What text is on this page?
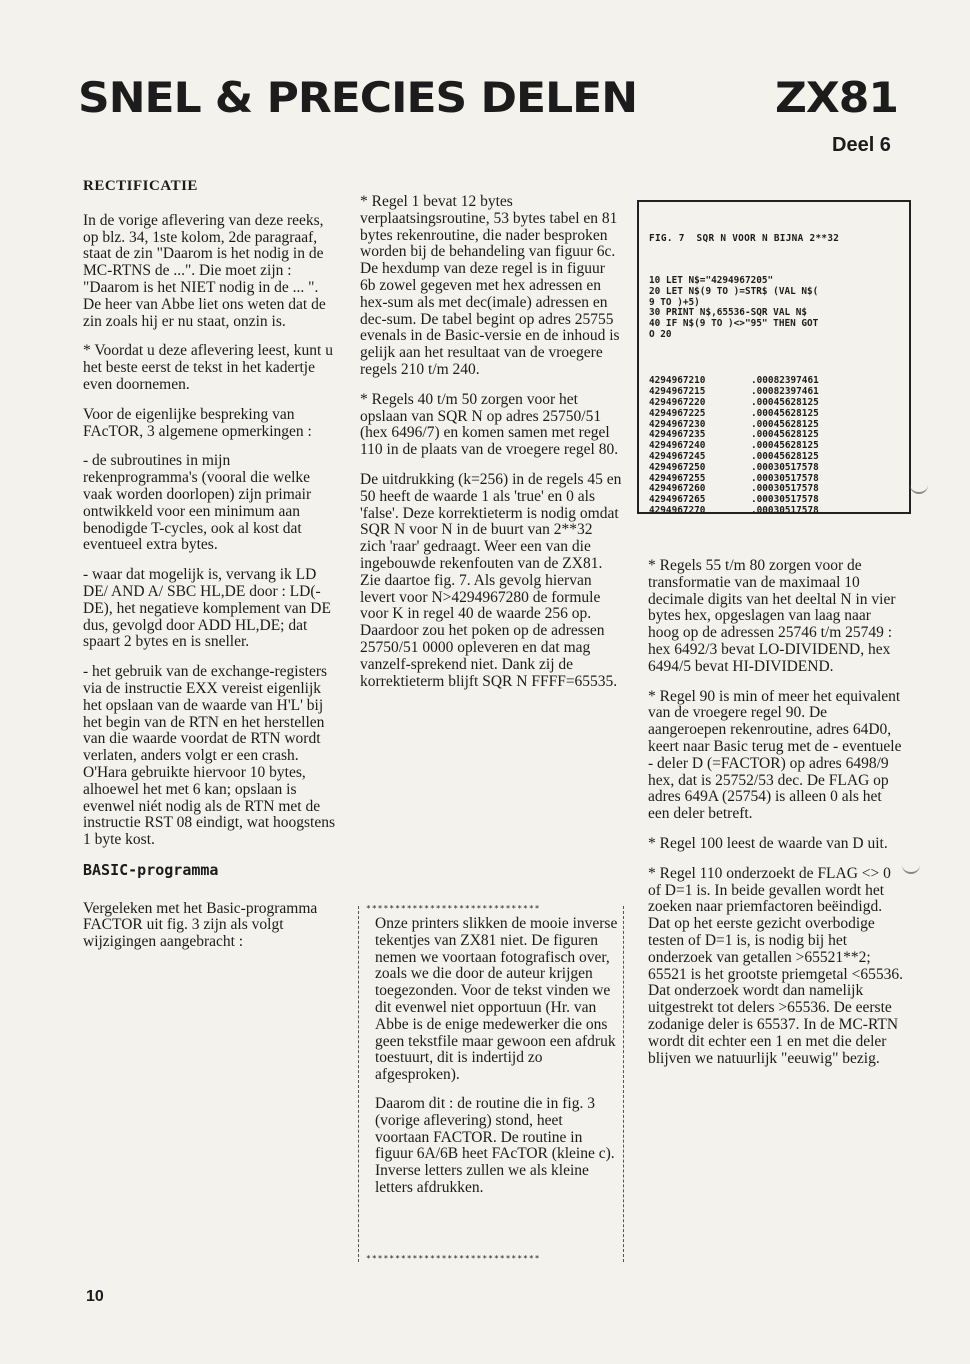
SNEL & PRECIES DELEN	ZX81
Deel 6
RECTIFICATIE

In de vorige aflevering van deze reeks, op blz. 34, 1ste kolom, 2de paragraaf, staat de zin "Daarom is het nodig in de MC-RTNS de ...". Die moet zijn : "Daarom is het NIET nodig in de ... ". De heer van Abbe liet ons weten dat de zin zoals hij er nu staat, onzin is.

* Voordat u deze aflevering leest, kunt u het beste eerst de tekst in het kadertje even doornemen.

Voor de eigenlijke bespreking van FAcTOR, 3 algemene opmerkingen :

- de subroutines in mijn rekenprogramma's (vooral die welke vaak worden doorlopen) zijn primair ontwikkeld voor een minimum aan benodigde T-cycles, ook al kost dat eventueel extra bytes.

- waar dat mogelijk is, vervang ik LD DE/ AND A/ SBC HL,DE door : LD(-DE), het negatieve komplement van DE dus, gevolgd door ADD HL,DE; dat spaart 2 bytes en is sneller.

- het gebruik van de exchange-registers via de instructie EXX vereist eigenlijk het opslaan van de waarde van H'L' bij het begin van de RTN en het herstellen van die waarde voordat de RTN wordt verlaten, anders volgt er een crash. O'Hara gebruikte hiervoor 10 bytes, alhoewel het met 6 kan; opslaan is evenwel niét nodig als de RTN met de instructie RST 08 eindigt, wat hoogstens 1 byte kost.

BASIC-programma

Vergeleken met het Basic-programma FACTOR uit fig. 3 zijn als volgt wijzigingen aangebracht :

* Regel 1 bevat 12 bytes verplaatsingsroutine, 53 bytes tabel en 81 bytes rekenroutine, die nader besproken worden bij de behandeling van figuur 6c. De hexdump van deze regel is in figuur 6b zowel gegeven met hex adressen en hex-sum als met dec(imale) adressen en dec-sum. De tabel begint op adres 25755 evenals in de Basic-versie en de inhoud is gelijk aan het resultaat van de vroegere regels 210 t/m 240.

* Regels 40 t/m 50 zorgen voor het opslaan van SQR N op adres 25750/51 (hex 6496/7) en komen samen met regel 110 in de plaats van de vroegere regel 80.

De uitdrukking (k=256) in de regels 45 en 50 heeft de waarde 1 als 'true' en 0 als 'false'. Deze korrektieterm is nodig omdat SQR N voor N in de buurt van 2**32 zich 'raar' gedraagt. Weer een van die ingebouwde rekenfouten van de ZX81. Zie daartoe fig. 7. Als gevolg hiervan levert voor N>4294967280 de formule voor K in regel 40 de waarde 256 op. Daardoor zou het poken op de adressen 25750/51 0000 opleveren en dat mag vanzelf-sprekend niet. Dank zij de korrektieterm blijft SQR N FFFF=65535.

******************************

Onze printers slikken de mooie inverse tekentjes van ZX81 niet. De figuren nemen we voortaan fotografisch over, zoals we die door de auteur krijgen toegezonden. Voor de tekst vinden we dit evenwel niet opportuun (Hr. van Abbe is de enige medewerker die ons geen tekstfile maar gewoon een afdruk toestuurt, dit is indertijd zo afgesproken).

Daarom dit : de routine die in fig. 3 (vorige aflevering) stond, heet voortaan FACTOR. De routine in figuur 6A/6B heet FAcTOR (kleine c). Inverse letters zullen we als kleine letters afdrukken.

******************************

FIG. 7  SQR N VOOR N BIJNA 2**32

10 LET N$="4294967205"
20 LET N$(9 TO )=STR$ (VAL N$(
9 TO )+5)
30 PRINT N$,65536-SQR VAL N$
40 IF N$(9 TO )<>"95" THEN GOT
O 20

4294967210
4294967215
4294967220
4294967225
4294967230
4294967235
4294967240
4294967245
4294967250
4294967255
4294967260
4294967265
4294967270

.00082397461
.00082397461
.00045628125
.00045628125
.00045628125
.00045628125
.00045628125
.00045628125
.00030517578
.00030517578
.00030517578
.00030517578
.00030517578

* Regels 55 t/m 80 zorgen voor de transformatie van de maximaal 10 decimale digits van het deeltal N in vier bytes hex, opgeslagen van laag naar hoog op de adressen 25746 t/m 25749 : hex 6492/3 bevat LO-DIVIDEND, hex 6494/5 bevat HI-DIVIDEND.

* Regel 90 is min of meer het equivalent van de vroegere regel 90. De aangeroepen rekenroutine, adres 64D0, keert naar Basic terug met de - eventuele - deler D (=FACTOR) op adres 6498/9 hex, dat is 25752/53 dec. De FLAG op adres 649A (25754) is alleen 0 als het een deler betreft.

* Regel 100 leest de waarde van D uit.

* Regel 110 onderzoekt de FLAG <> 0 of D=1 is. In beide gevallen wordt het zoeken naar priemfactoren beëindigd. Dat op het eerste gezicht overbodige testen of D=1 is, is nodig bij het onderzoek van getallen >65521**2; 65521 is het grootste priemgetal <65536. Dat onderzoek wordt dan namelijk uitgestrekt tot delers >65536. De eerste zodanige deler is 65537. In de MC-RTN wordt dit echter een 1 en met die deler blijven we natuurlijk "eeuwig" bezig.

10
